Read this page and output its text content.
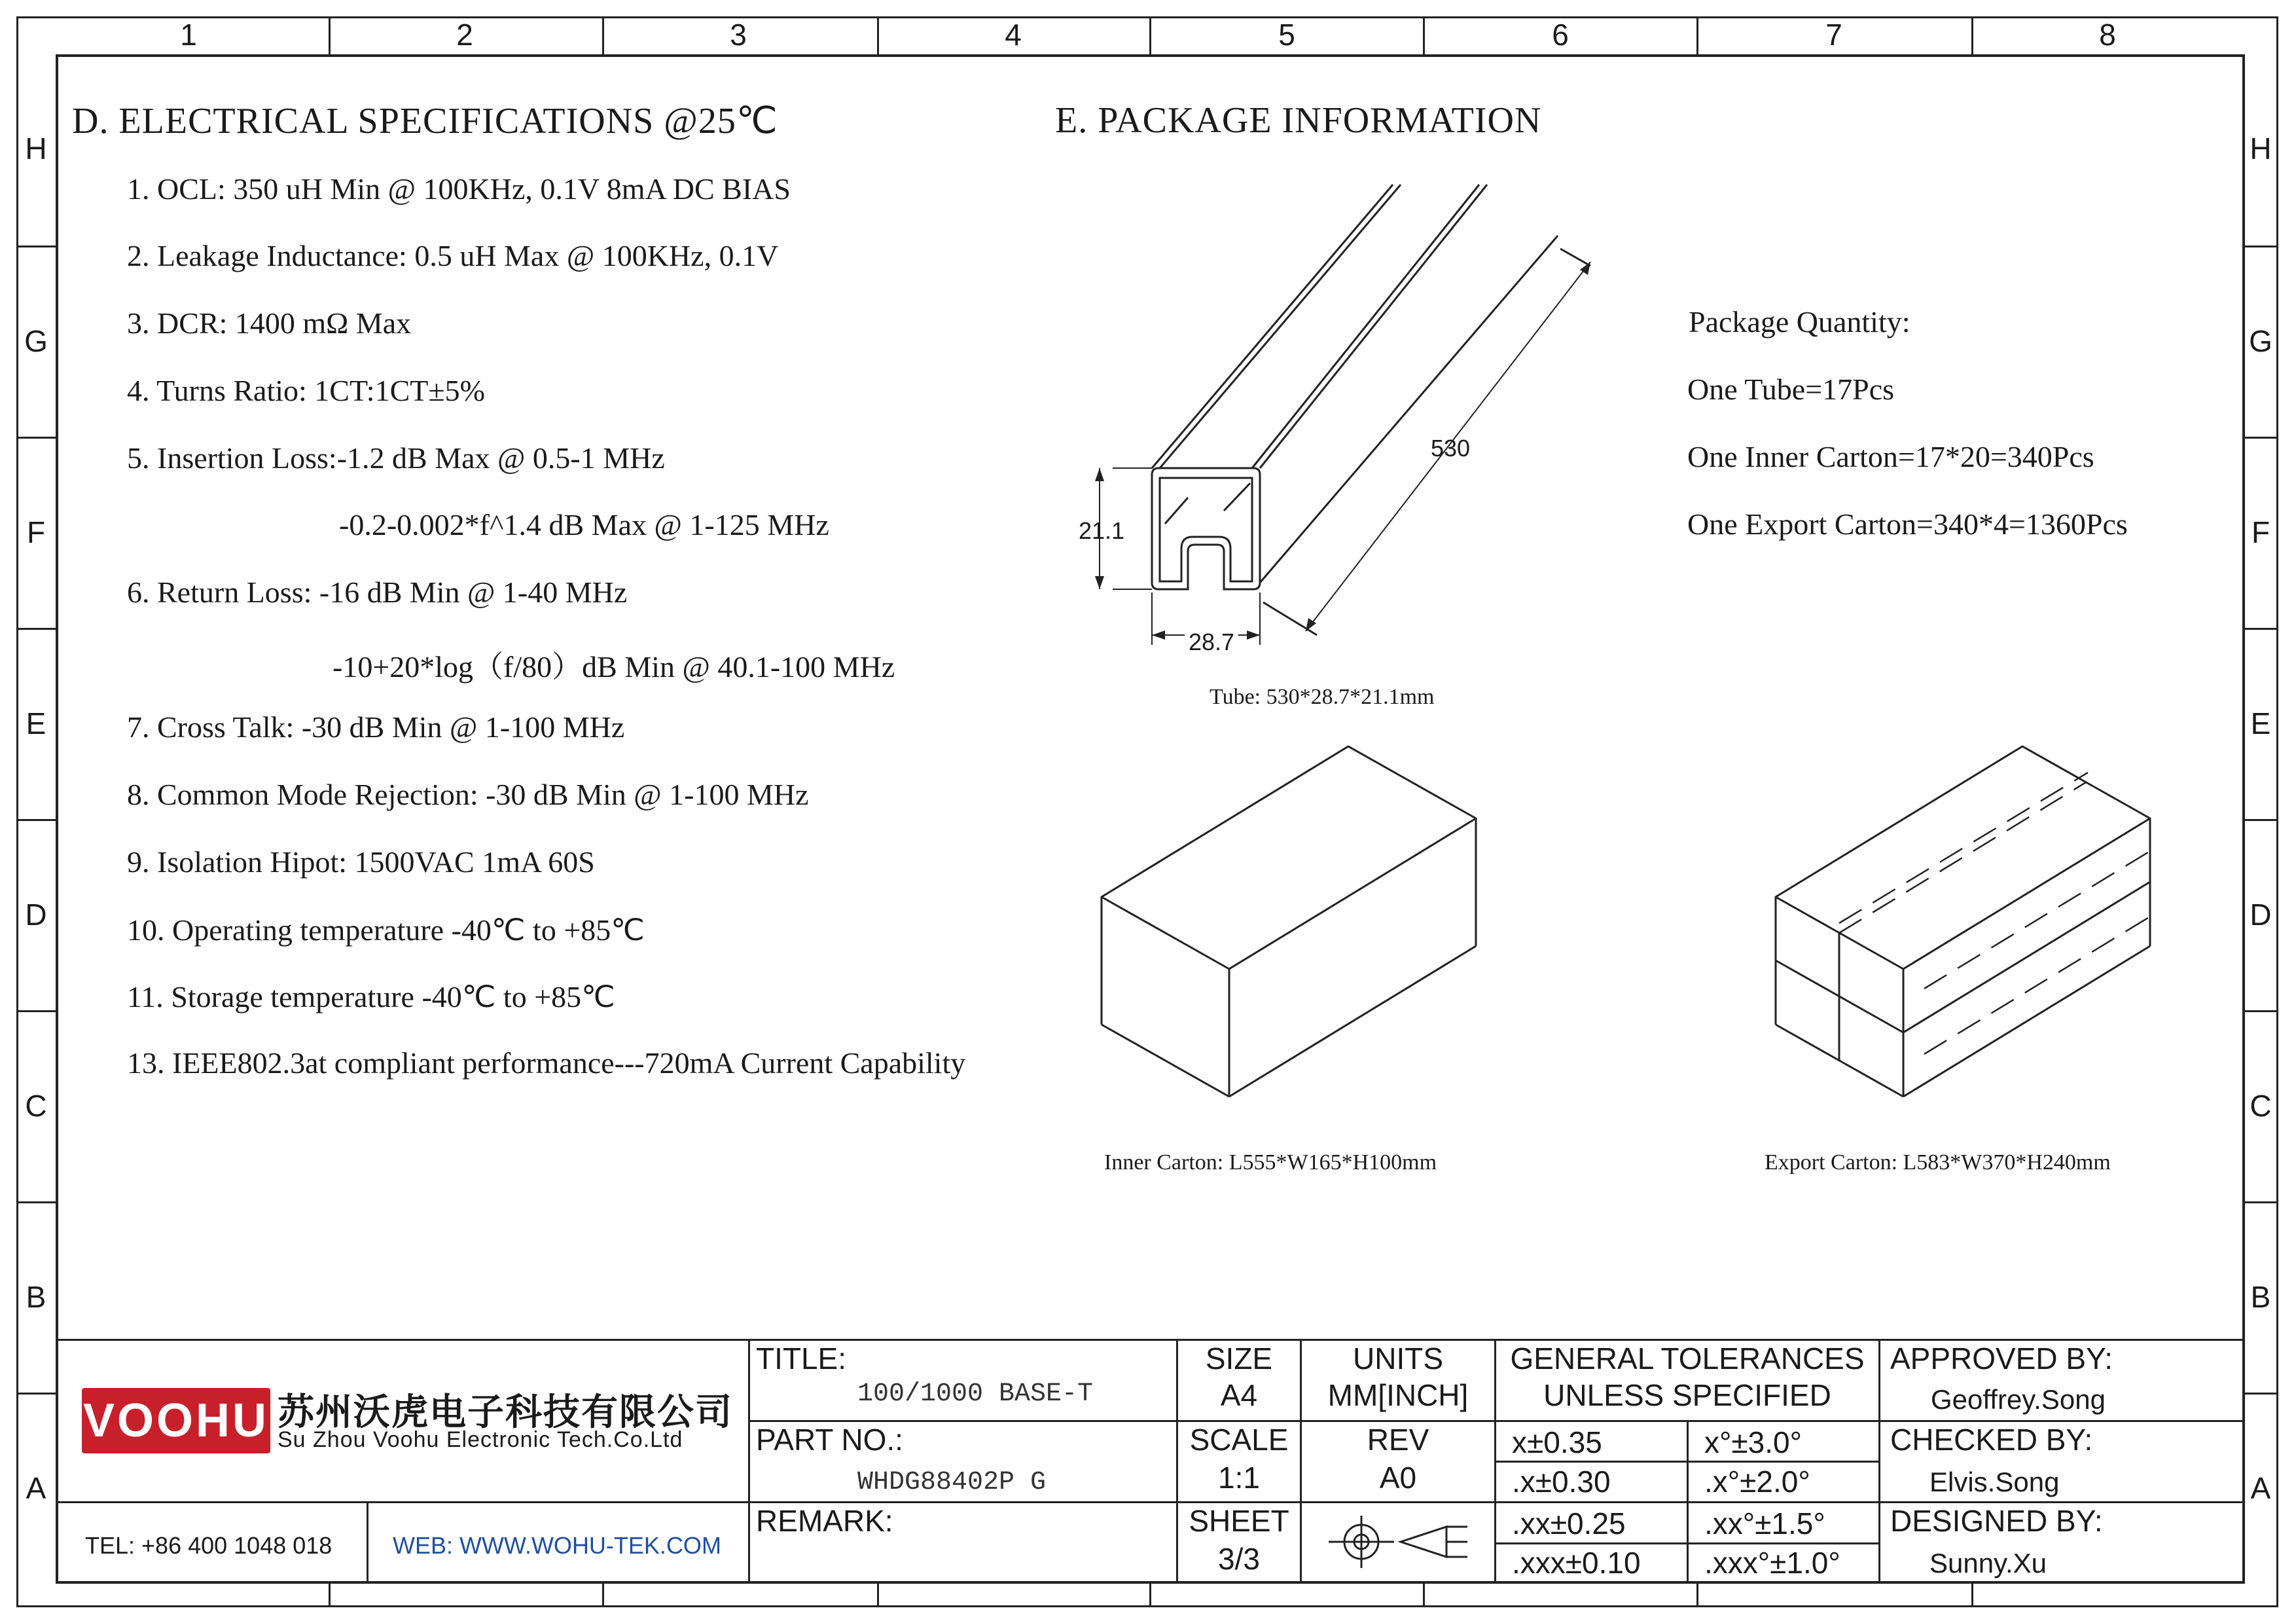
1	2	3	4	5	6	7	8
H
G
F
E
D
C
B
A
H
G
F
E
D
C
B
A
D. ELECTRICAL SPECIFICATIONS @25℃
1. OCL: 350 uH Min @ 100KHz, 0.1V 8mA DC BIAS
2. Leakage Inductance: 0.5 uH Max @ 100KHz, 0.1V
3. DCR: 1400 mΩ Max
4. Turns Ratio: 1CT:1CT±5%
5. Insertion Loss:-1.2 dB Max @ 0.5-1 MHz
-0.2-0.002*f^1.4 dB Max @ 1-125 MHz
6. Return Loss: -16 dB Min @ 1-40 MHz
-10+20*log（f/80）dB Min @ 40.1-100 MHz
7. Cross Talk: -30 dB Min @ 1-100 MHz
8. Common Mode Rejection: -30 dB Min @ 1-100 MHz
9. Isolation Hipot: 1500VAC 1mA 60S
10. Operating temperature -40℃ to +85℃
11. Storage temperature -40℃ to +85℃
13. IEEE802.3at compliant performance---720mA Current Capability
E. PACKAGE INFORMATION
Package Quantity:
One Tube=17Pcs
One Inner Carton=17*20=340Pcs
One Export Carton=340*4=1360Pcs
530
21.1
28.7
Tube: 530*28.7*21.1mm
Inner Carton: L555*W165*H100mm	Export Carton: L583*W370*H240mm
VOOHU 苏州沃虎电子科技有限公司
Su Zhou Voohu Electronic Tech.Co.Ltd
TEL: +86 400 1048 018	WEB: WWW.WOHU-TEK.COM
TITLE:
100/1000 BASE-T
PART NO.:
WHDG88402P G
REMARK:
SIZE
A4
UNITS
MM[INCH]
SCALE
1:1
REV
A0
SHEET
3/3
GENERAL TOLERANCES
UNLESS SPECIFIED
x±0.35	x°±3.0°
.x±0.30	.x°±2.0°
.xx±0.25	.xx°±1.5°
.xxx±0.10 .xxx°±1.0°
APPROVED BY:
Geoffrey.Song
CHECKED BY:
Elvis.Song
DESIGNED BY:
Sunny.Xu
